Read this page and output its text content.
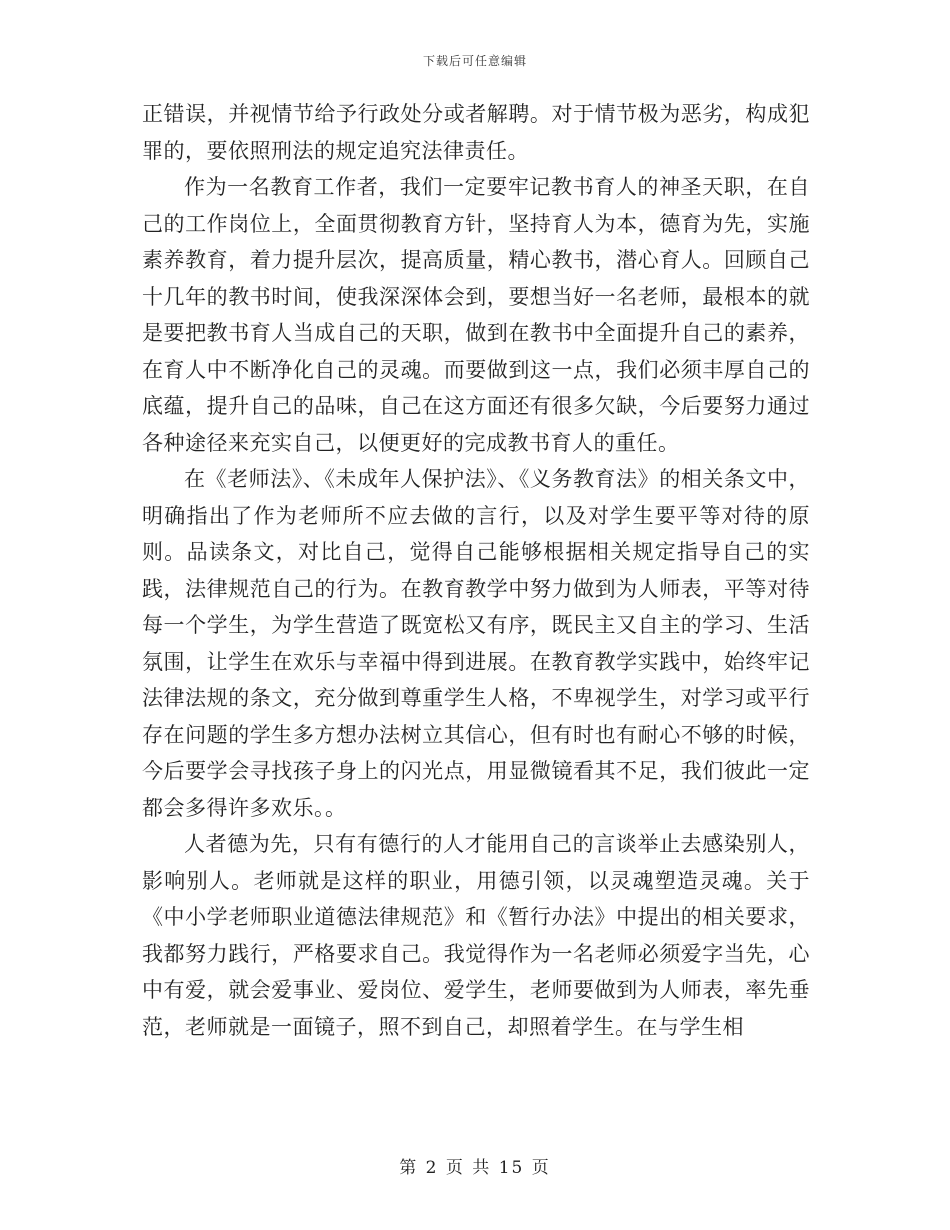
下载后可任意编辑

正错误，并视情节给予行政处分或者解聘。对于情节极为恶劣，构成犯罪的，要依照刑法的规定追究法律责任。

作为一名教育工作者，我们一定要牢记教书育人的神圣天职，在自己的工作岗位上，全面贯彻教育方针，坚持育人为本，德育为先，实施素养教育，着力提升层次，提高质量，精心教书，潜心育人。回顾自己十几年的教书时间，使我深深体会到，要想当好一名老师，最根本的就是要把教书育人当成自己的天职，做到在教书中全面提升自己的素养，在育人中不断净化自己的灵魂。而要做到这一点，我们必须丰厚自己的底蕴，提升自己的品味，自己在这方面还有很多欠缺，今后要努力通过各种途径来充实自己，以便更好的完成教书育人的重任。

在《老师法》、《未成年人保护法》、《义务教育法》的相关条文中，明确指出了作为老师所不应去做的言行，以及对学生要平等对待的原则。品读条文，对比自己，觉得自己能够根据相关规定指导自己的实践，法律规范自己的行为。在教育教学中努力做到为人师表，平等对待每一个学生，为学生营造了既宽松又有序，既民主又自主的学习、生活氛围，让学生在欢乐与幸福中得到进展。在教育教学实践中，始终牢记法律法规的条文，充分做到尊重学生人格，不卑视学生，对学习或平行存在问题的学生多方想办法树立其信心，但有时也有耐心不够的时候，今后要学会寻找孩子身上的闪光点，用显微镜看其不足，我们彼此一定都会多得许多欢乐。。

人者德为先，只有有德行的人才能用自己的言谈举止去感染别人，影响别人。老师就是这样的职业，用德引领，以灵魂塑造灵魂。关于《中小学老师职业道德法律规范》和《暂行办法》中提出的相关要求，我都努力践行，严格要求自己。我觉得作为一名老师必须爱字当先，心中有爱，就会爱事业、爱岗位、爱学生，老师要做到为人师表，率先垂范，老师就是一面镜子，照不到自己，却照着学生。在与学生相

第 2 页 共 15 页
